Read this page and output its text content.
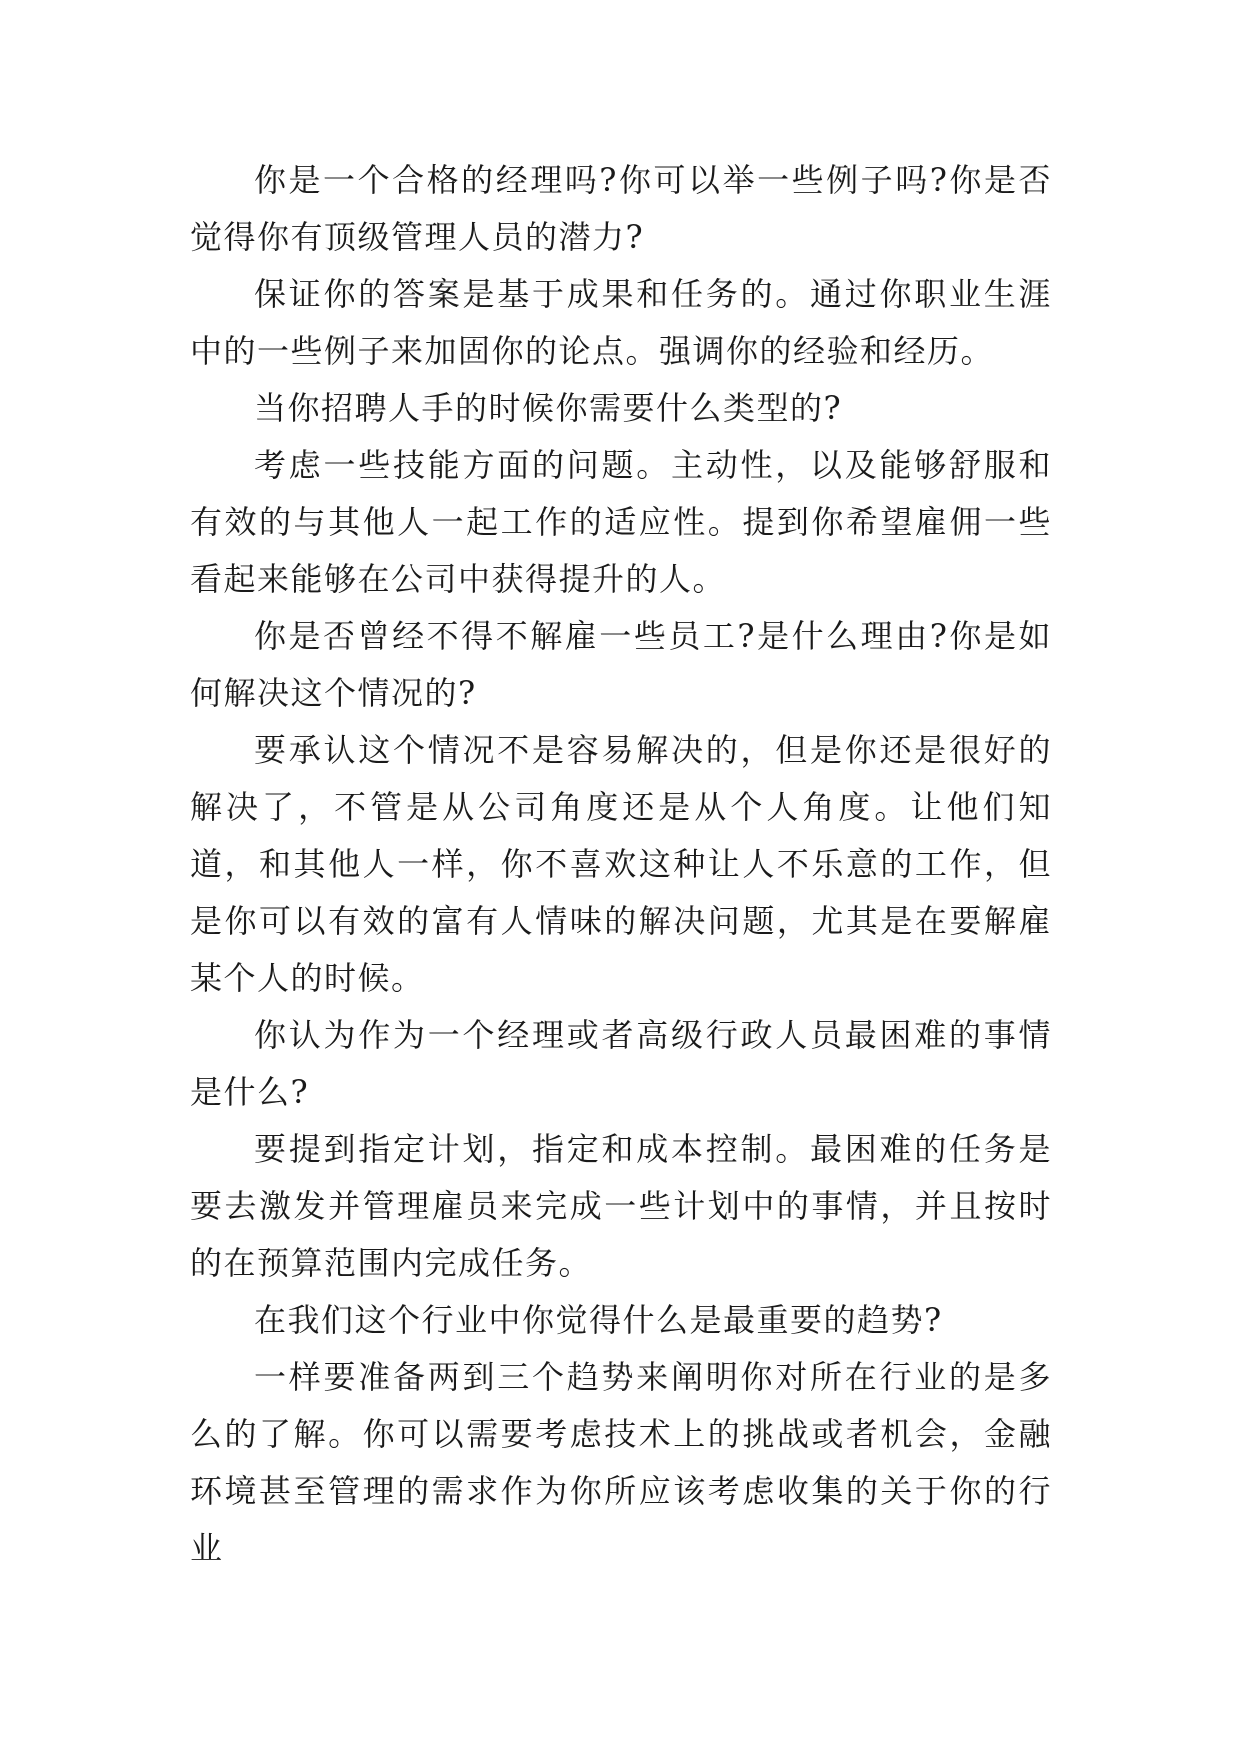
你是一个合格的经理吗?你可以举一些例子吗?你是否觉得你有顶级管理人员的潜力?

保证你的答案是基于成果和任务的。通过你职业生涯中的一些例子来加固你的论点。强调你的经验和经历。

当你招聘人手的时候你需要什么类型的?

考虑一些技能方面的问题。主动性，以及能够舒服和有效的与其他人一起工作的适应性。提到你希望雇佣一些看起来能够在公司中获得提升的人。

你是否曾经不得不解雇一些员工?是什么理由?你是如何解决这个情况的?

要承认这个情况不是容易解决的，但是你还是很好的解决了，不管是从公司角度还是从个人角度。让他们知道，和其他人一样，你不喜欢这种让人不乐意的工作，但是你可以有效的富有人情味的解决问题，尤其是在要解雇某个人的时候。

你认为作为一个经理或者高级行政人员最困难的事情是什么?

要提到指定计划，指定和成本控制。最困难的任务是要去激发并管理雇员来完成一些计划中的事情，并且按时的在预算范围内完成任务。

在我们这个行业中你觉得什么是最重要的趋势?

一样要准备两到三个趋势来阐明你对所在行业的是多么的了解。你可以需要考虑技术上的挑战或者机会，金融环境甚至管理的需求作为你所应该考虑收集的关于你的行业
